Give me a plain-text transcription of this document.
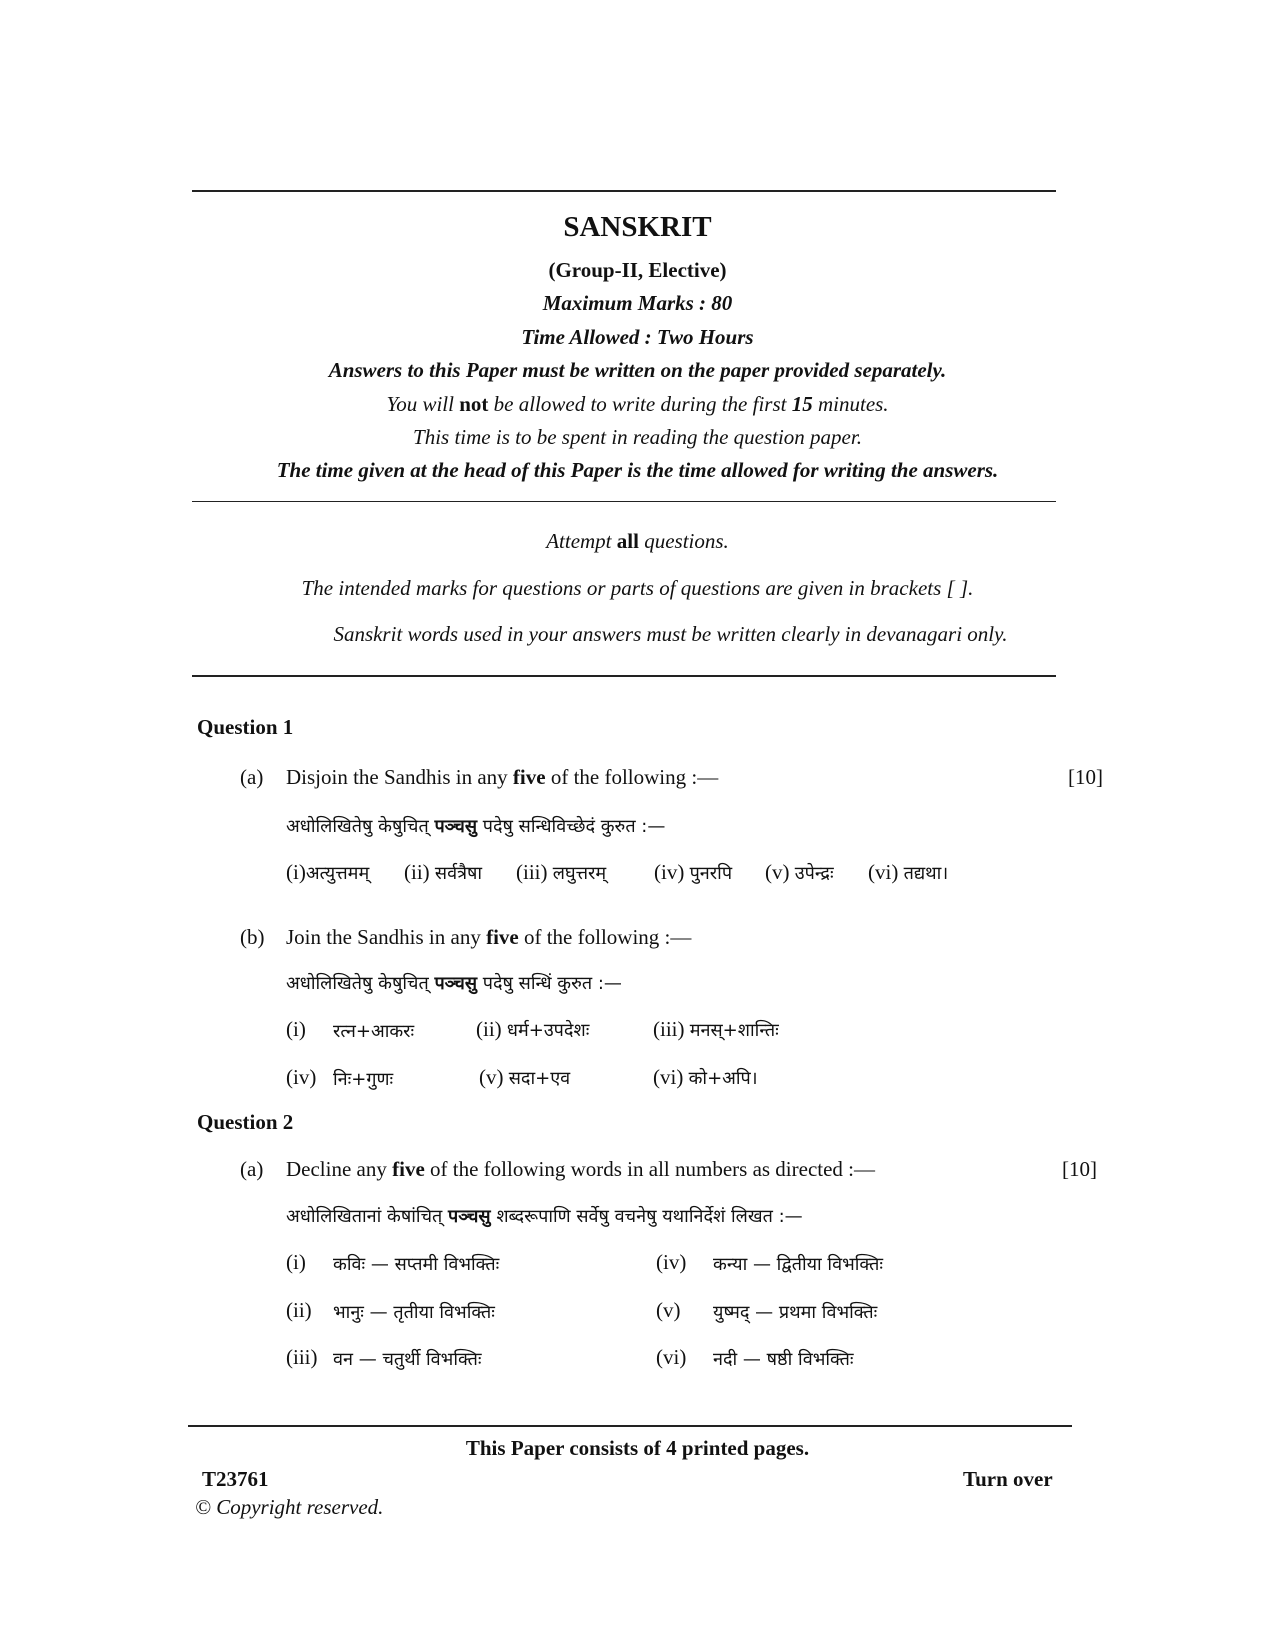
SANSKRIT
(Group-II, Elective)
Maximum Marks : 80
Time Allowed : Two Hours
Answers to this Paper must be written on the paper provided separately.
You will not be allowed to write during the first 15 minutes.
This time is to be spent in reading the question paper.
The time given at the head of this Paper is the time allowed for writing the answers.
Attempt all questions.
The intended marks for questions or parts of questions are given in brackets [ ].
Sanskrit words used in your answers must be written clearly in devanagari only.
Question 1
(a) Disjoin the Sandhis in any five of the following :—	[10]
अधोलिखितेषु केषुचित् पञ्चसु पदेषु सन्धिविच्छेदं कुरुत :—
(i)अत्युत्तमम् (ii) सर्वत्रैषा (iii) लघुत्तरम् (iv) पुनरपि (v) उपेन्द्रः (vi) तद्यथा।
(b) Join the Sandhis in any five of the following :—
अधोलिखितेषु केषुचित् पञ्चसु पदेषु सन्धिं कुरुत :—
(i) रत्न+आकरः	(ii) धर्म+उपदेशः	(iii) मनस्+शान्तिः
(iv) निः+गुणः	(v) सदा+एव	(vi) को+अपि।
Question 2
(a) Decline any five of the following words in all numbers as directed :—	[10]
अधोलिखितानां केषांचित् पञ्चसु शब्दरूपाणि सर्वेषु वचनेषु यथानिर्देशं लिखत :—
(i) कविः — सप्तमी विभक्तिः	(iv) कन्या — द्वितीया विभक्तिः
(ii) भानुः — तृतीया विभक्तिः	(v) युष्मद् — प्रथमा विभक्तिः
(iii) वन — चतुर्थी विभक्तिः	(vi) नदी — षष्ठी विभक्तिः
This Paper consists of 4 printed pages.
T23761	Turn over
© Copyright reserved.
